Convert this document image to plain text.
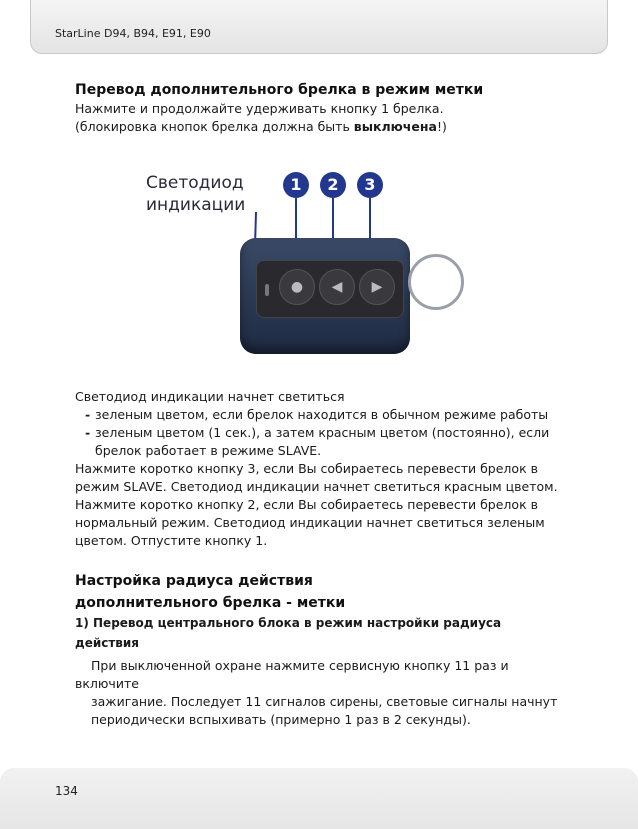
StarLine D94, B94, E91, E90

Перевод дополнительного брелка в режим метки

Нажмите и продолжайте удерживать кнопку 1 брелка.

(блокировка кнопок брелка должна быть выключена!)

Светодиод
индикации
1	2	3
●	◀	▶

Светодиод индикации начнет светиться

- зеленым цветом, если брелок находится в обычном режиме работы

- зеленым цветом (1 сек.), а затем красным цветом (постоянно), если

брелок работает в режиме SLAVE.

Нажмите коротко кнопку 3, если Вы собираетесь перевести брелок в

режим SLAVE. Светодиод индикации начнет светиться красным цветом.

Нажмите коротко кнопку 2, если Вы собираетесь перевести брелок в

нормальный режим. Светодиод индикации начнет светиться зеленым

цветом. Отпустите кнопку 1.

Настройка радиуса действия

дополнительного брелка - метки

1) Перевод центрального блока в режим настройки радиуса

действия

При выключенной охране нажмите сервисную кнопку 11 раз и

включите

зажигание. Последует 11 сигналов сирены, световые сигналы начнут

периодически вспыхивать (примерно 1 раз в 2 секунды).

134
